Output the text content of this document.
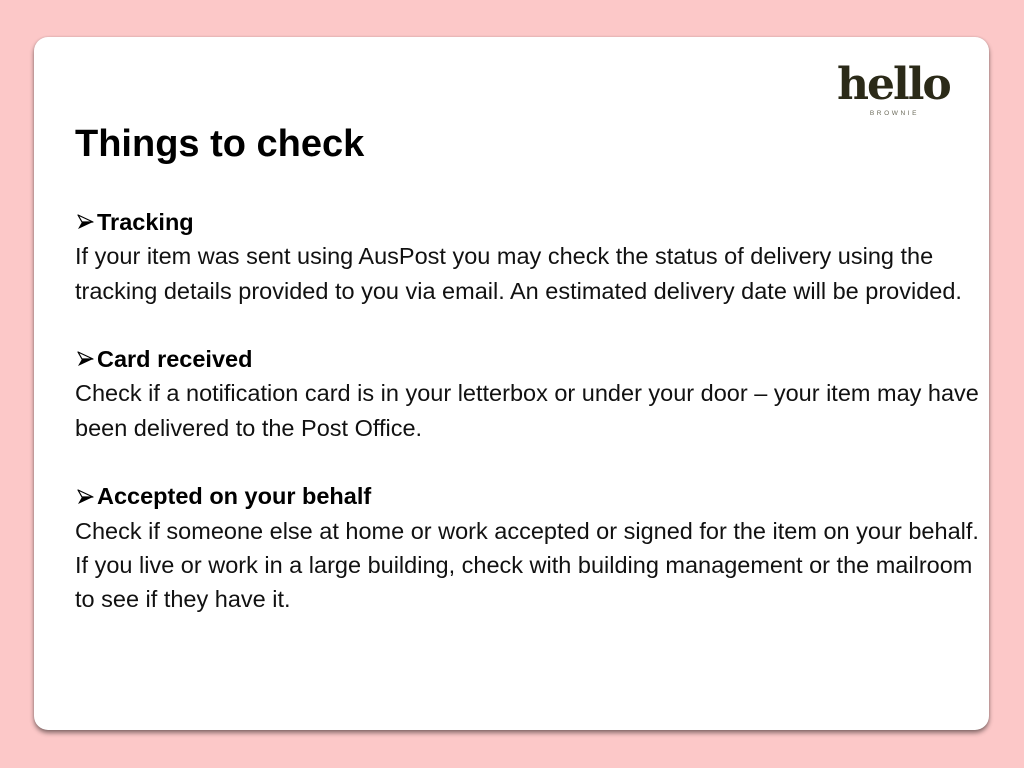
hello
BROWNIE
Things to check
Tracking

If your item was sent using AusPost you may check the status of delivery using the tracking details provided to you via email. An estimated delivery date will be provided.

Card received

Check if a notification card is in your letterbox or under your door – your item may have been delivered to the Post Office.

Accepted on your behalf

Check if someone else at home or work accepted or signed for the item on your behalf. If you live or work in a large building, check with building management or the mailroom to see if they have it.
